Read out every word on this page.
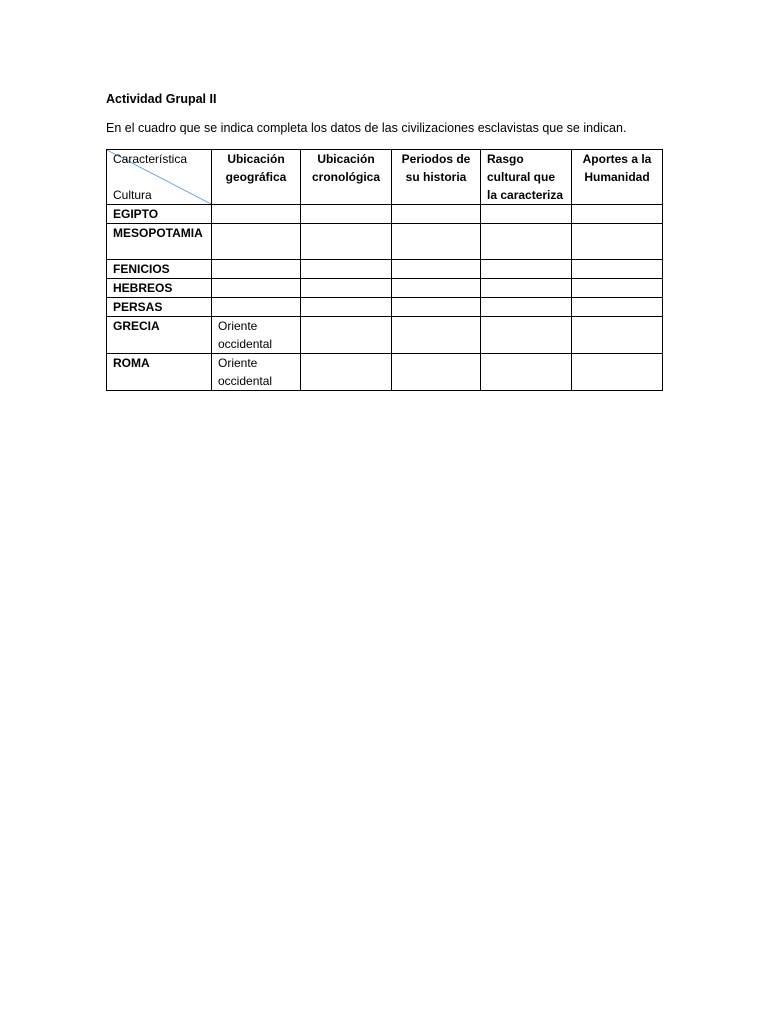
Actividad Grupal II
En el cuadro que se indica completa los datos de las civilizaciones esclavistas que se indican.
Característica
Cultura	Ubicación geográfica	Ubicación cronológica	Periodos de su historia	Rasgo cultural que la caracteriza	Aportes a la Humanidad
EGIPTO					
MESOPOTAMIA					
FENICIOS					
HEBREOS					
PERSAS					
GRECIA	Oriente occidental				
ROMA	Oriente occidental				
